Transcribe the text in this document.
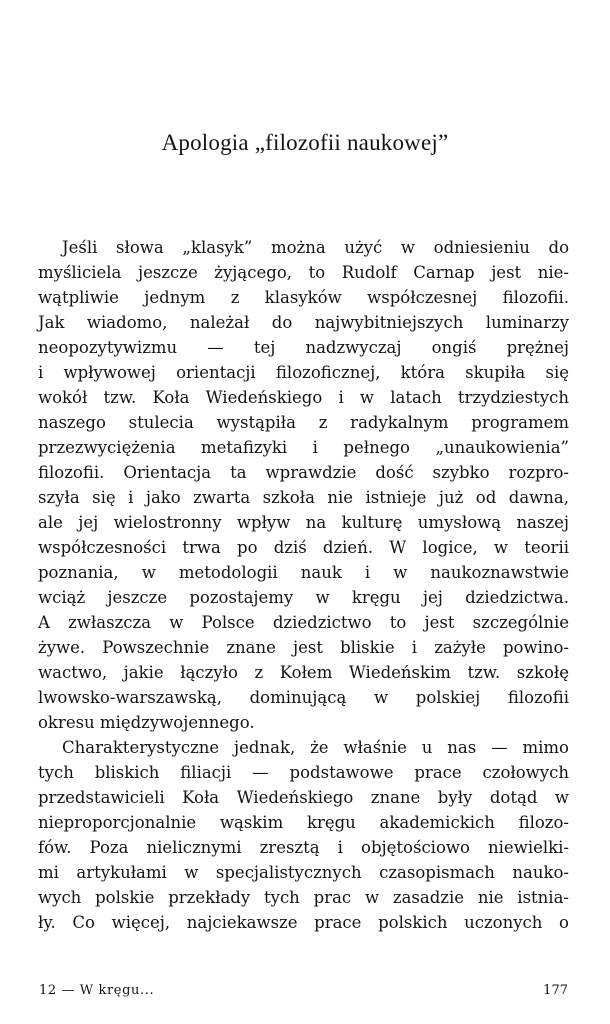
Apologia „filozofii naukowej”
Jeśli słowa „klasyk” można użyć w odniesieniu do
myśliciela jeszcze żyjącego, to Rudolf Carnap jest nie-
wątpliwie jednym z klasyków współczesnej filozofii.
Jak wiadomo, należał do najwybitniejszych luminarzy
neopozytywizmu — tej nadzwyczaj ongiś prężnej
i wpływowej orientacji filozoficznej, która skupiła się
wokół tzw. Koła Wiedeńskiego i w latach trzydziestych
naszego stulecia wystąpiła z radykalnym programem
przezwyciężenia metafizyki i pełnego „unaukowienia”
filozofii. Orientacja ta wprawdzie dość szybko rozpro-
szyła się i jako zwarta szkoła nie istnieje już od dawna,
ale jej wielostronny wpływ na kulturę umysłową naszej
współczesności trwa po dziś dzień. W logice, w teorii
poznania, w metodologii nauk i w naukoznawstwie
wciąż jeszcze pozostajemy w kręgu jej dziedzictwa.
A zwłaszcza w Polsce dziedzictwo to jest szczególnie
żywe. Powszechnie znane jest bliskie i zażyłe powino-
wactwo, jakie łączyło z Kołem Wiedeńskim tzw. szkołę
lwowsko-warszawską, dominującą w polskiej filozofii
okresu międzywojennego.
Charakterystyczne jednak, że właśnie u nas — mimo
tych bliskich filiacji — podstawowe prace czołowych
przedstawicieli Koła Wiedeńskiego znane były dotąd w
nieproporcjonalnie wąskim kręgu akademickich filozo-
fów. Poza nielicznymi zresztą i objętościowo niewielki-
mi artykułami w specjalistycznych czasopismach nauko-
wych polskie przekłady tych prac w zasadzie nie istnia-
ły. Co więcej, najciekawsze prace polskich uczonych o
12 — W kręgu...	177
